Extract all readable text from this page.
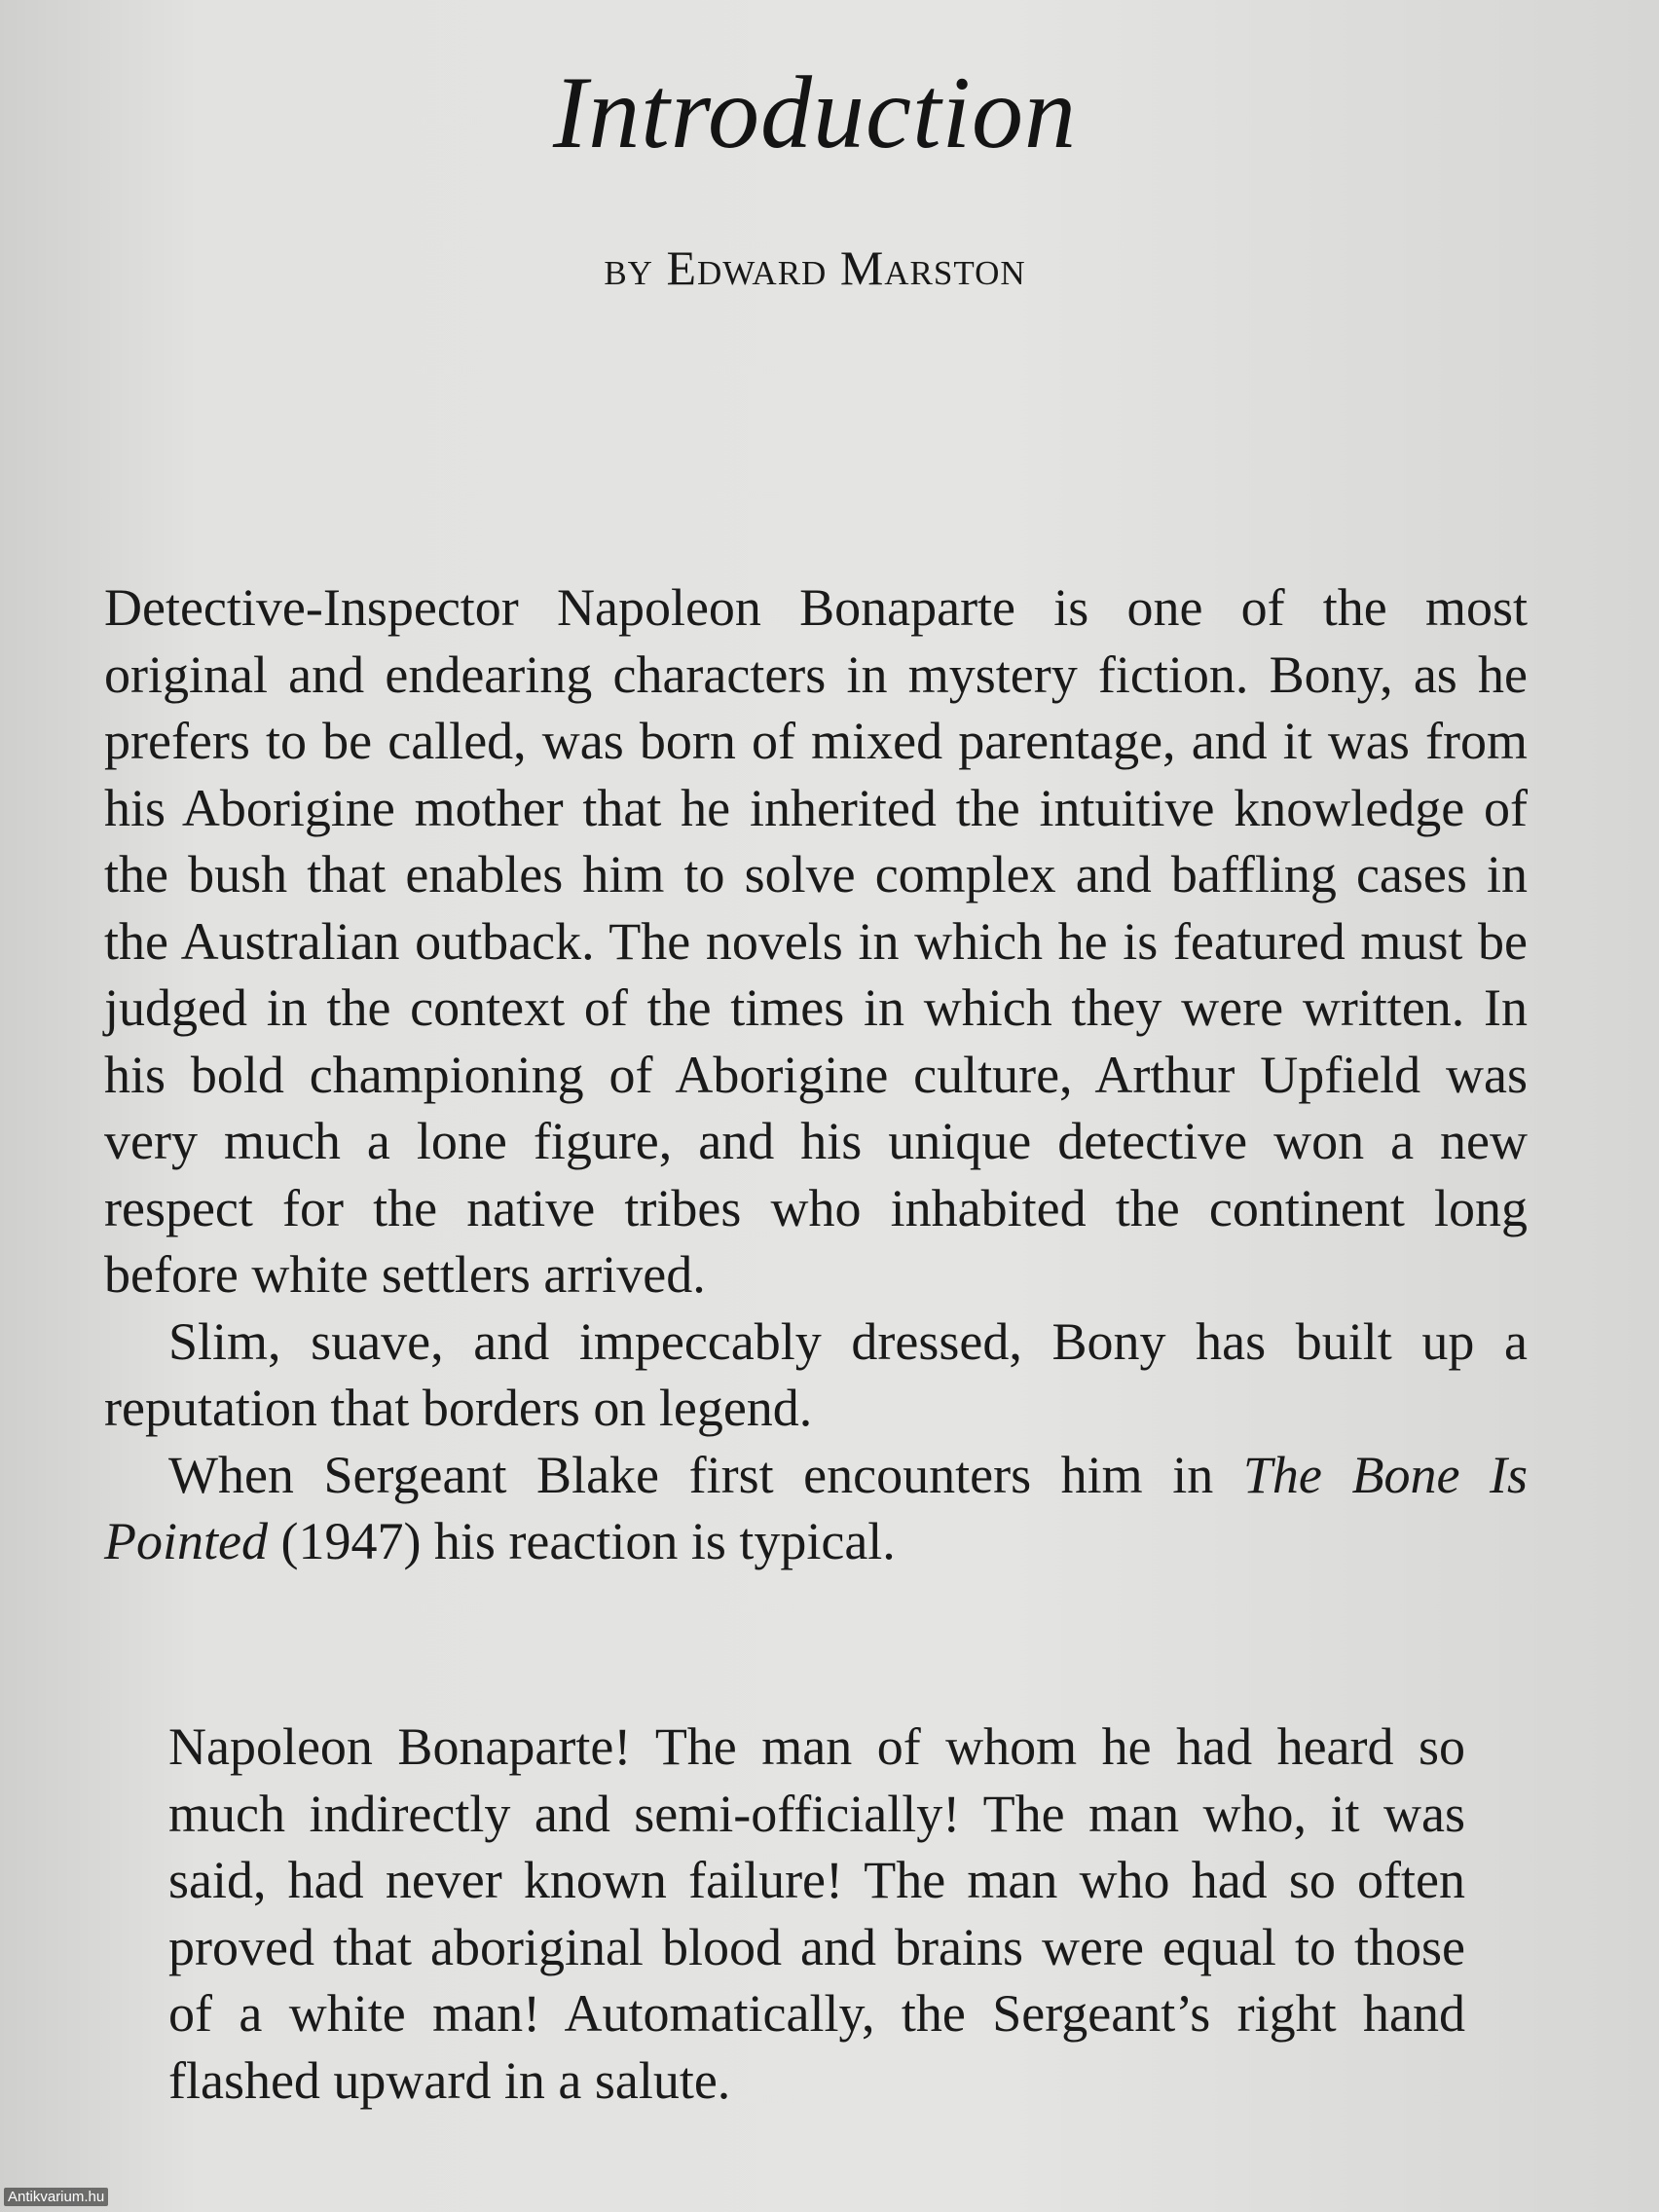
Introduction
by Edward Marston

Detective-Inspector Napoleon Bonaparte is one of the most original and endearing characters in mystery fiction. Bony, as he prefers to be called, was born of mixed parentage, and it was from his Aborigine mother that he inherited the intuitive knowledge of the bush that enables him to solve complex and baffling cases in the Australian outback. The novels in which he is featured must be judged in the context of the times in which they were written. In his bold championing of Aborigine culture, Arthur Upfield was very much a lone figure, and his unique detective won a new respect for the native tribes who inhabited the continent long before white settlers arrived.

Slim, suave, and impeccably dressed, Bony has built up a reputation that borders on legend.

When Sergeant Blake first encounters him in The Bone Is Pointed (1947) his reaction is typical.

Napoleon Bonaparte! The man of whom he had heard so much indirectly and semi-officially! The man who, it was said, had never known failure! The man who had so often proved that aboriginal blood and brains were equal to those of a white man! Automatically, the Sergeant’s right hand flashed upward in a salute.

Antikvarium.hu
